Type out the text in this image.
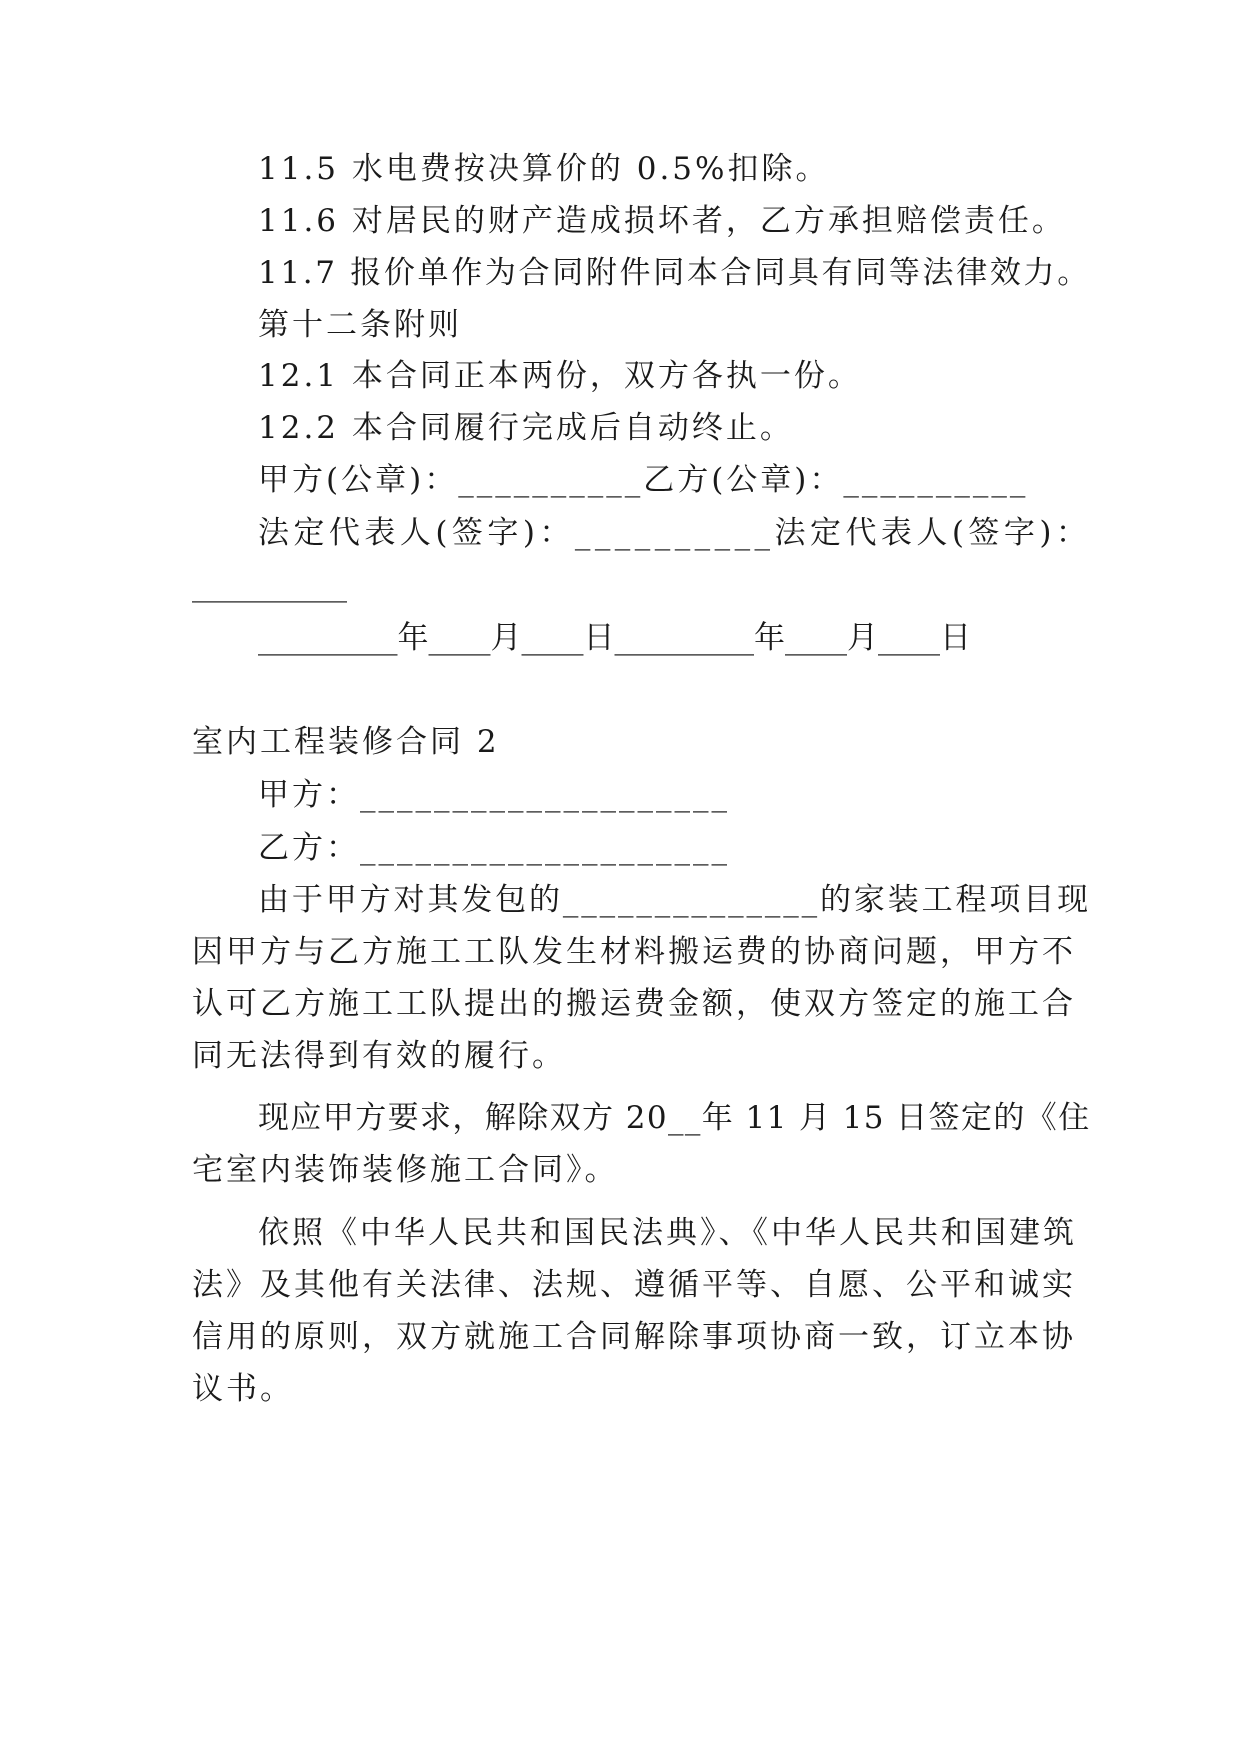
11.5 水电费按决算价的 0.5%扣除。

11.6 对居民的财产造成损坏者，乙方承担赔偿责任。

11.7 报价单作为合同附件同本合同具有同等法律效力。

第十二条附则

12.1 本合同正本两份，双方各执一份。

12.2 本合同履行完成后自动终止。

甲方(公章)：__________乙方(公章)：__________

法定代表人(签字)：__________法定代表人(签字)：

__________

_________年____月____日_________年____月____日

室内工程装修合同 2

甲方：____________________

乙方：____________________

由于甲方对其发包的______________的家装工程项目现

因甲方与乙方施工工队发生材料搬运费的协商问题，甲方不

认可乙方施工工队提出的搬运费金额，使双方签定的施工合

同无法得到有效的履行。

现应甲方要求，解除双方 20__年 11 月 15 日签定的《住

宅室内装饰装修施工合同》。

依照《中华人民共和国民法典》、《中华人民共和国建筑

法》及其他有关法律、法规、遵循平等、自愿、公平和诚实

信用的原则，双方就施工合同解除事项协商一致，订立本协

议书。
